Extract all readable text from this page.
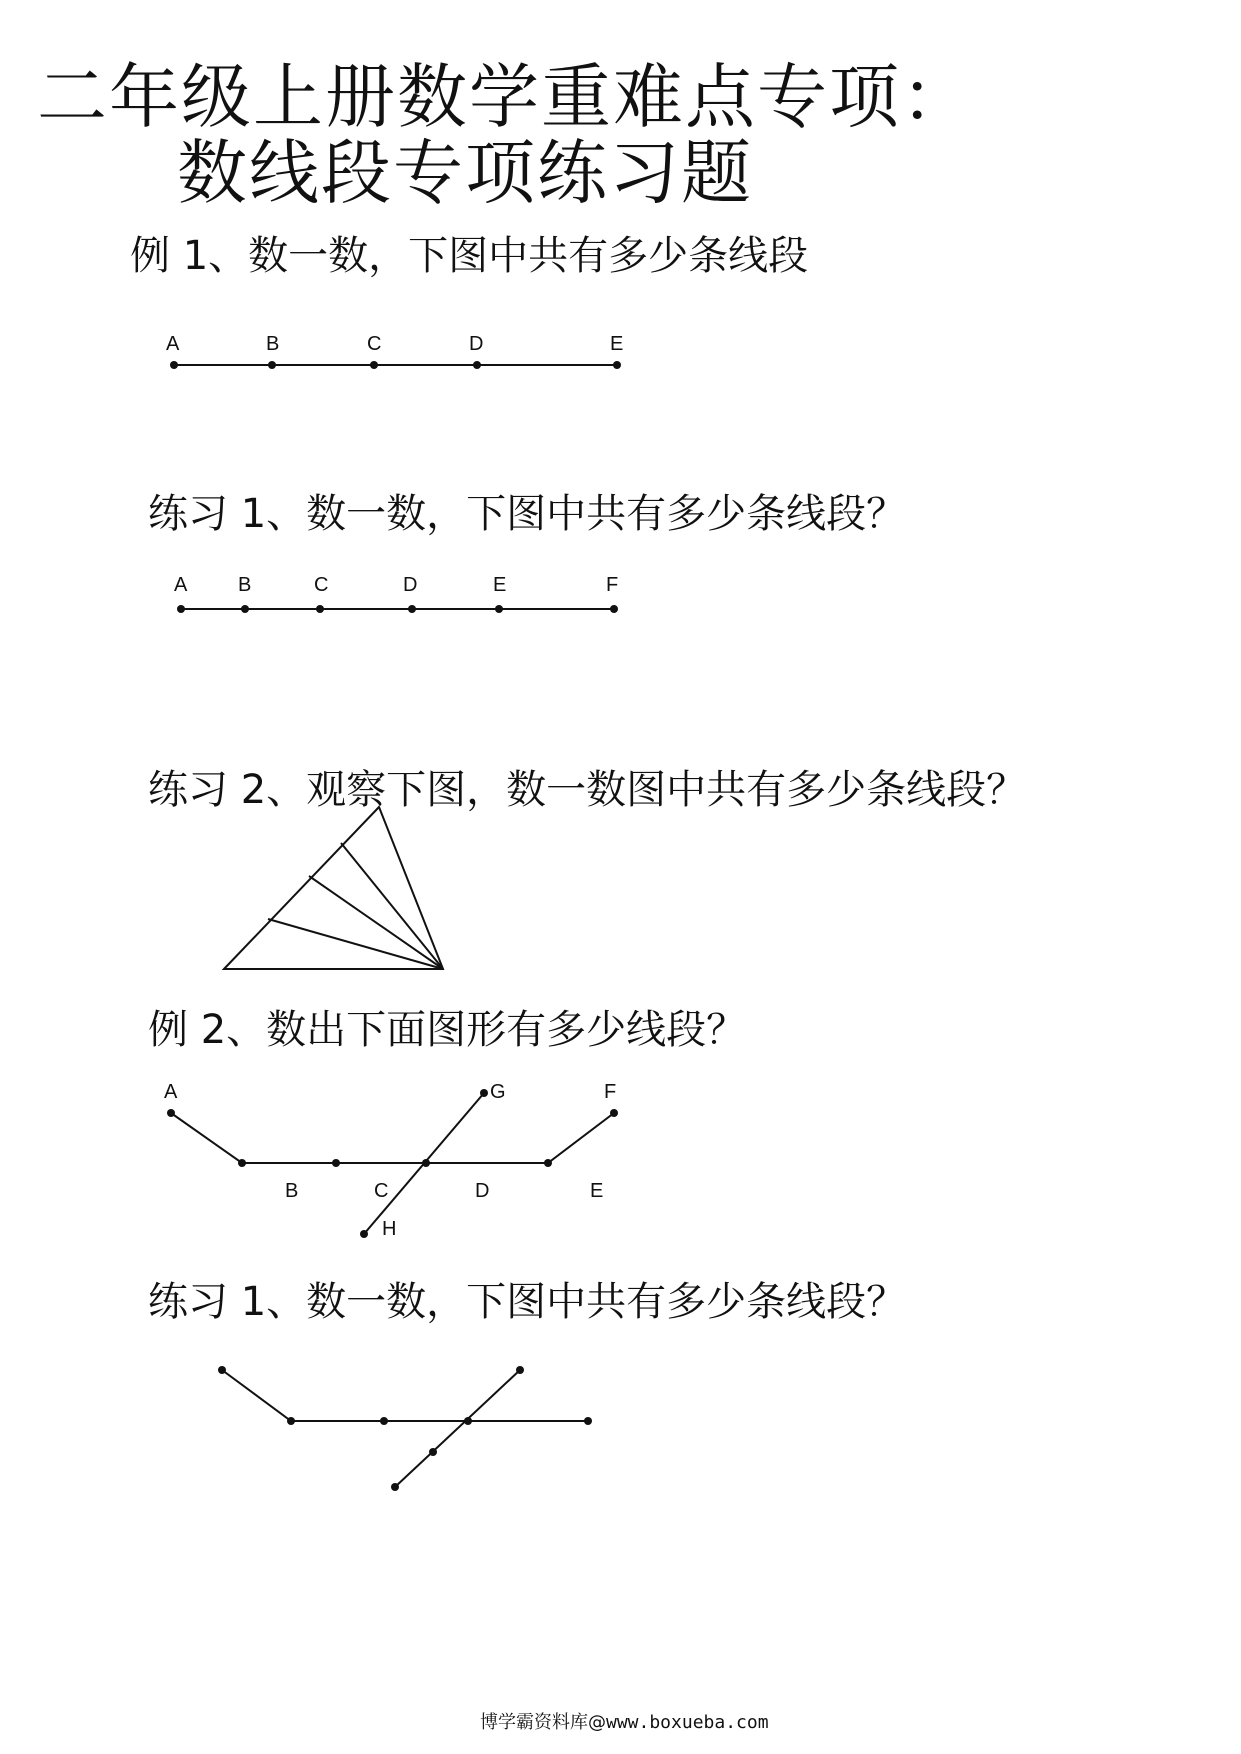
二年级上册数学重难点专项：
数线段专项练习题
例 1、数一数，下图中共有多少条线段
练习 1、数一数，下图中共有多少条线段？
练习 2、观察下图，数一数图中共有多少条线段？
例 2、数出下面图形有多少线段？
练习 1、数一数，下图中共有多少条线段？
A	B	C	D	E
A	B	C	D	E	F
A
B	C	D	E
F
G
H
博学霸资料库@www.boxueba.com
